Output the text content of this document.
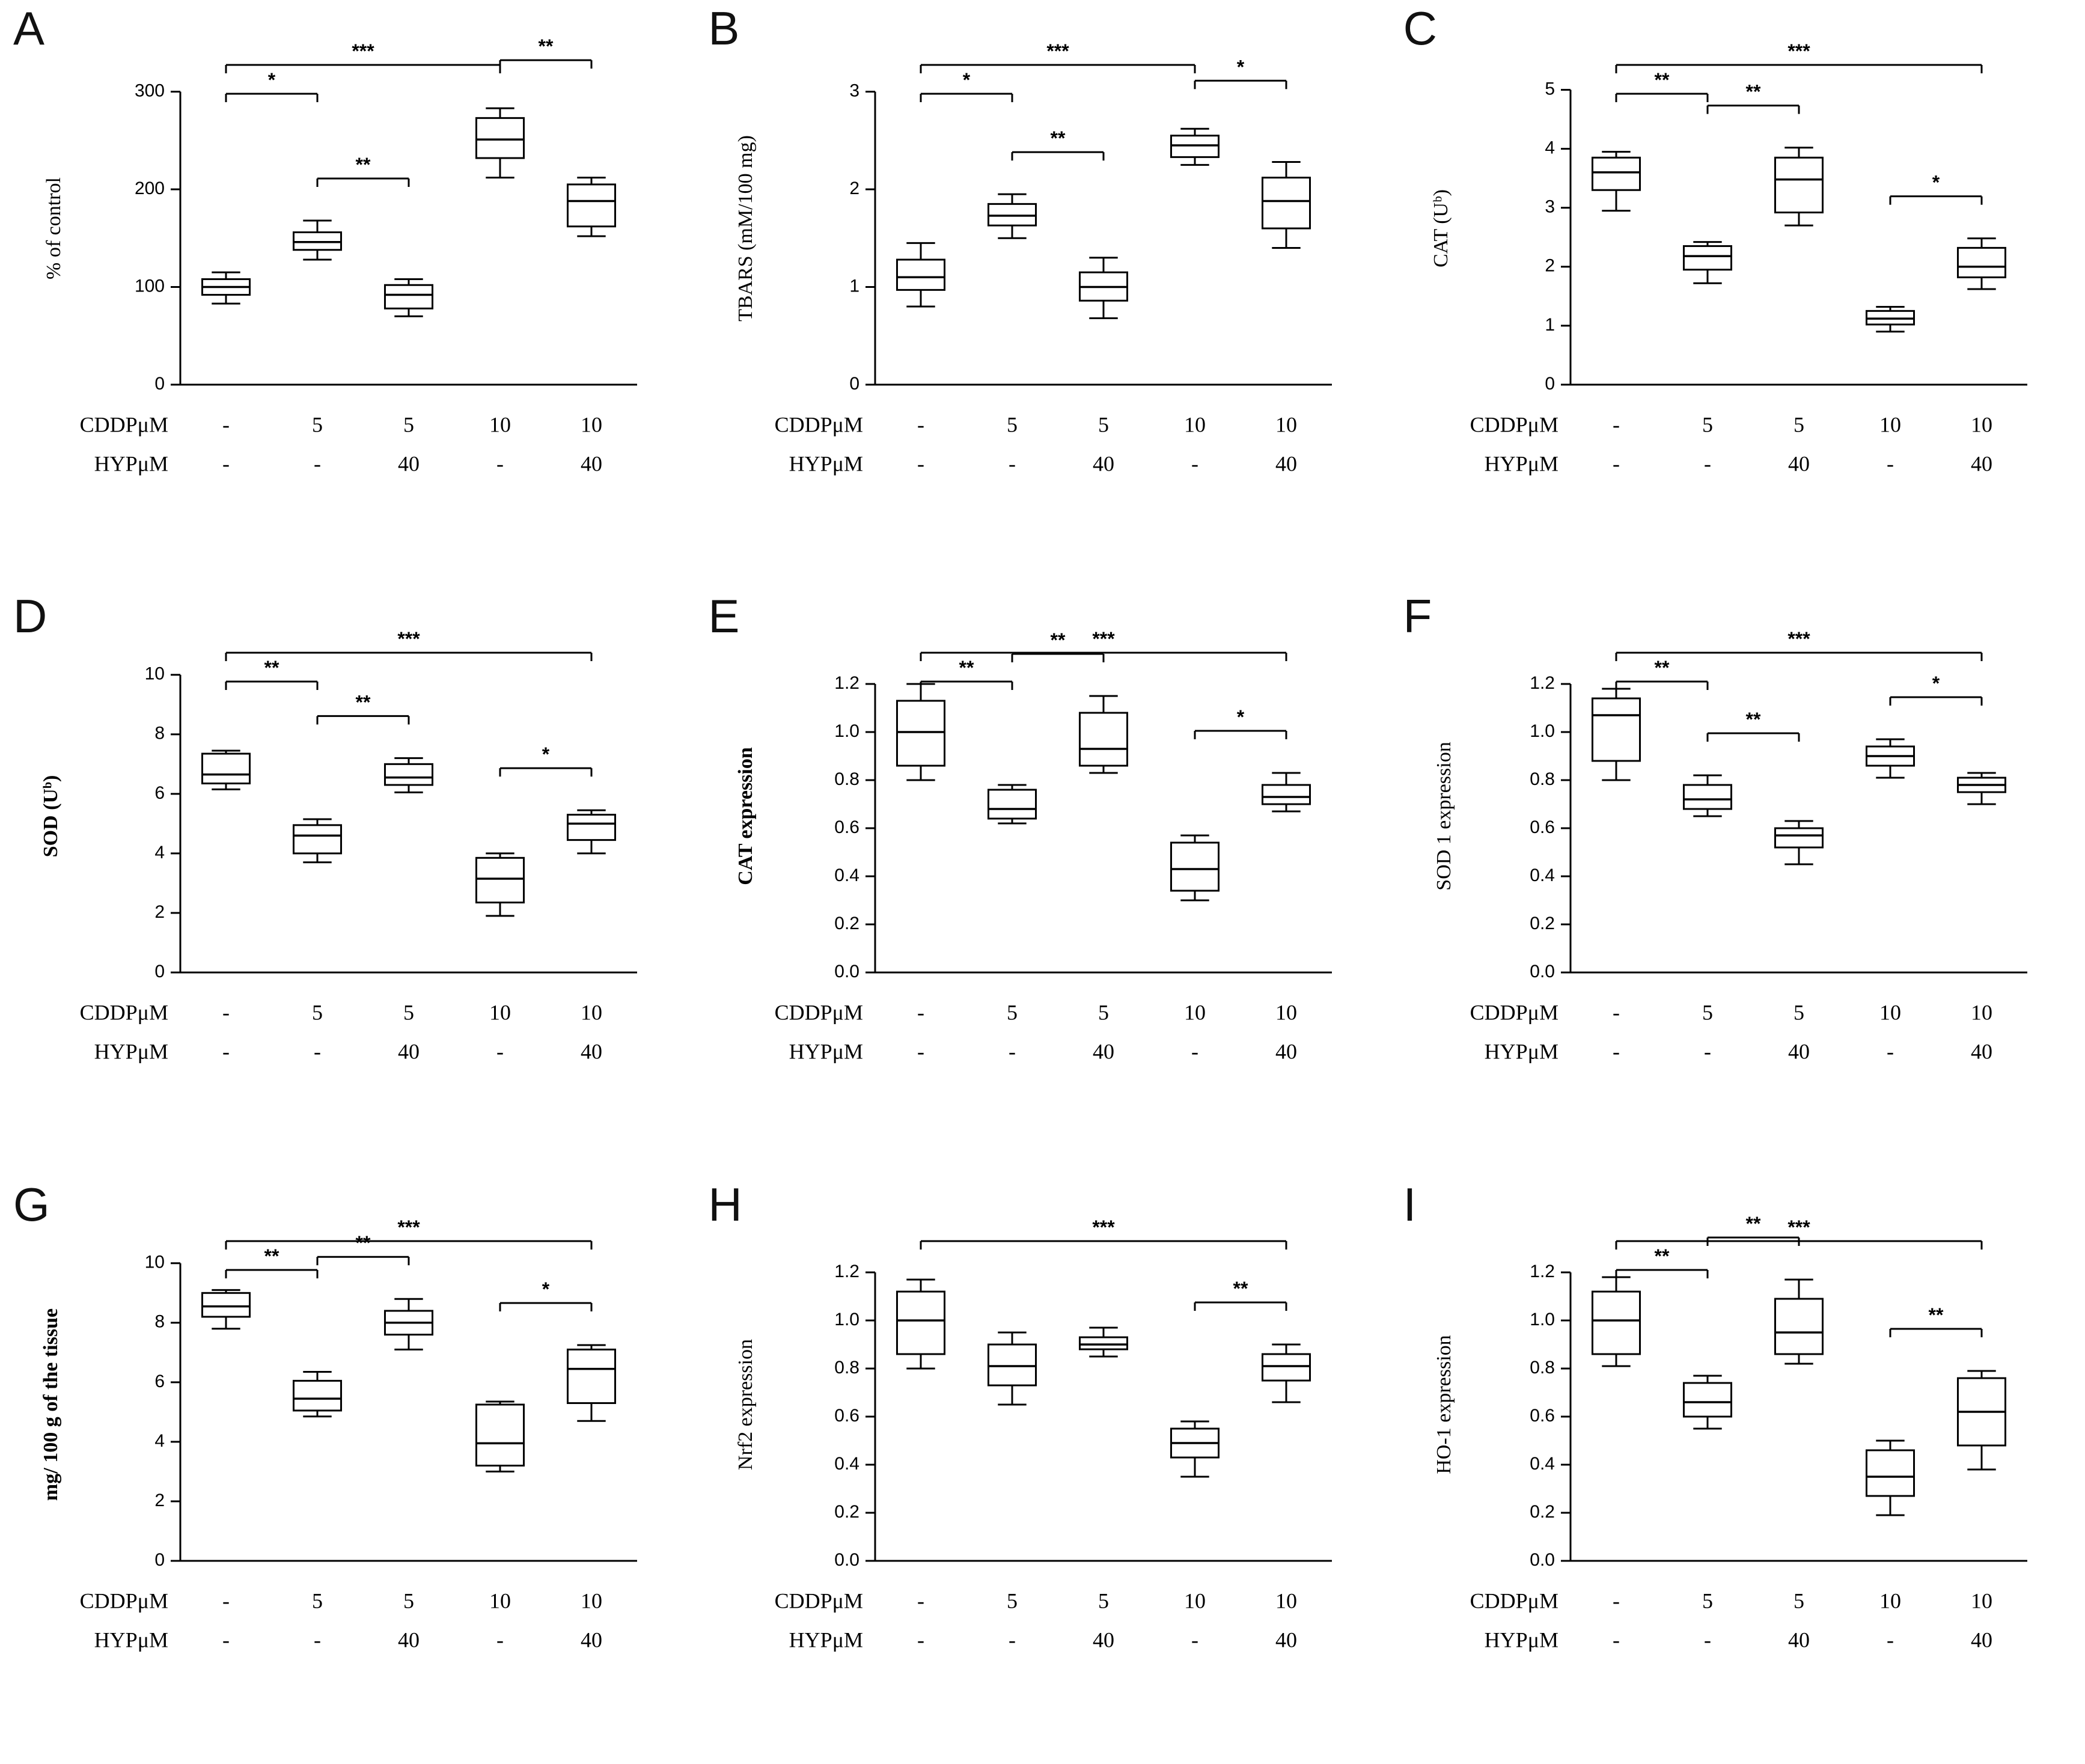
A
0
100
200
300
% of control
*
***
**
**
CDDPμM
HYPμM
-
-
5
-
5
40
10
-
10
40
B
0
1
2
3
TBARS (mM/100 mg)
*
***
**
*
CDDPμM
HYPμM
-
-
5
-
5
40
10
-
10
40
C
0
1
2
3
4
5
CAT (Uᵇ)
**
***
**
*
CDDPμM
HYPμM
-
-
5
-
5
40
10
-
10
40
D
0
2
4
6
8
10
SOD (Uᵇ)
**
***
**
*
CDDPμM
HYPμM
-
-
5
-
5
40
10
-
10
40
E
0.0
0.2
0.4
0.6
0.8
1.0
1.2
CAT expression
**
***
**
*
CDDPμM
HYPμM
-
-
5
-
5
40
10
-
10
40
F
0.0
0.2
0.4
0.6
0.8
1.0
1.2
SOD 1 expression
**
***
**
*
CDDPμM
HYPμM
-
-
5
-
5
40
10
-
10
40
G
0
2
4
6
8
10
mg/ 100 g of the tissue
**
***
**
*
CDDPμM
HYPμM
-
-
5
-
5
40
10
-
10
40
H
0.0
0.2
0.4
0.6
0.8
1.0
1.2
Nrf2 expression
***
**
CDDPμM
HYPμM
-
-
5
-
5
40
10
-
10
40
I
0.0
0.2
0.4
0.6
0.8
1.0
1.2
HO-1 expression
**
***
**
**
CDDPμM
HYPμM
-
-
5
-
5
40
10
-
10
40
